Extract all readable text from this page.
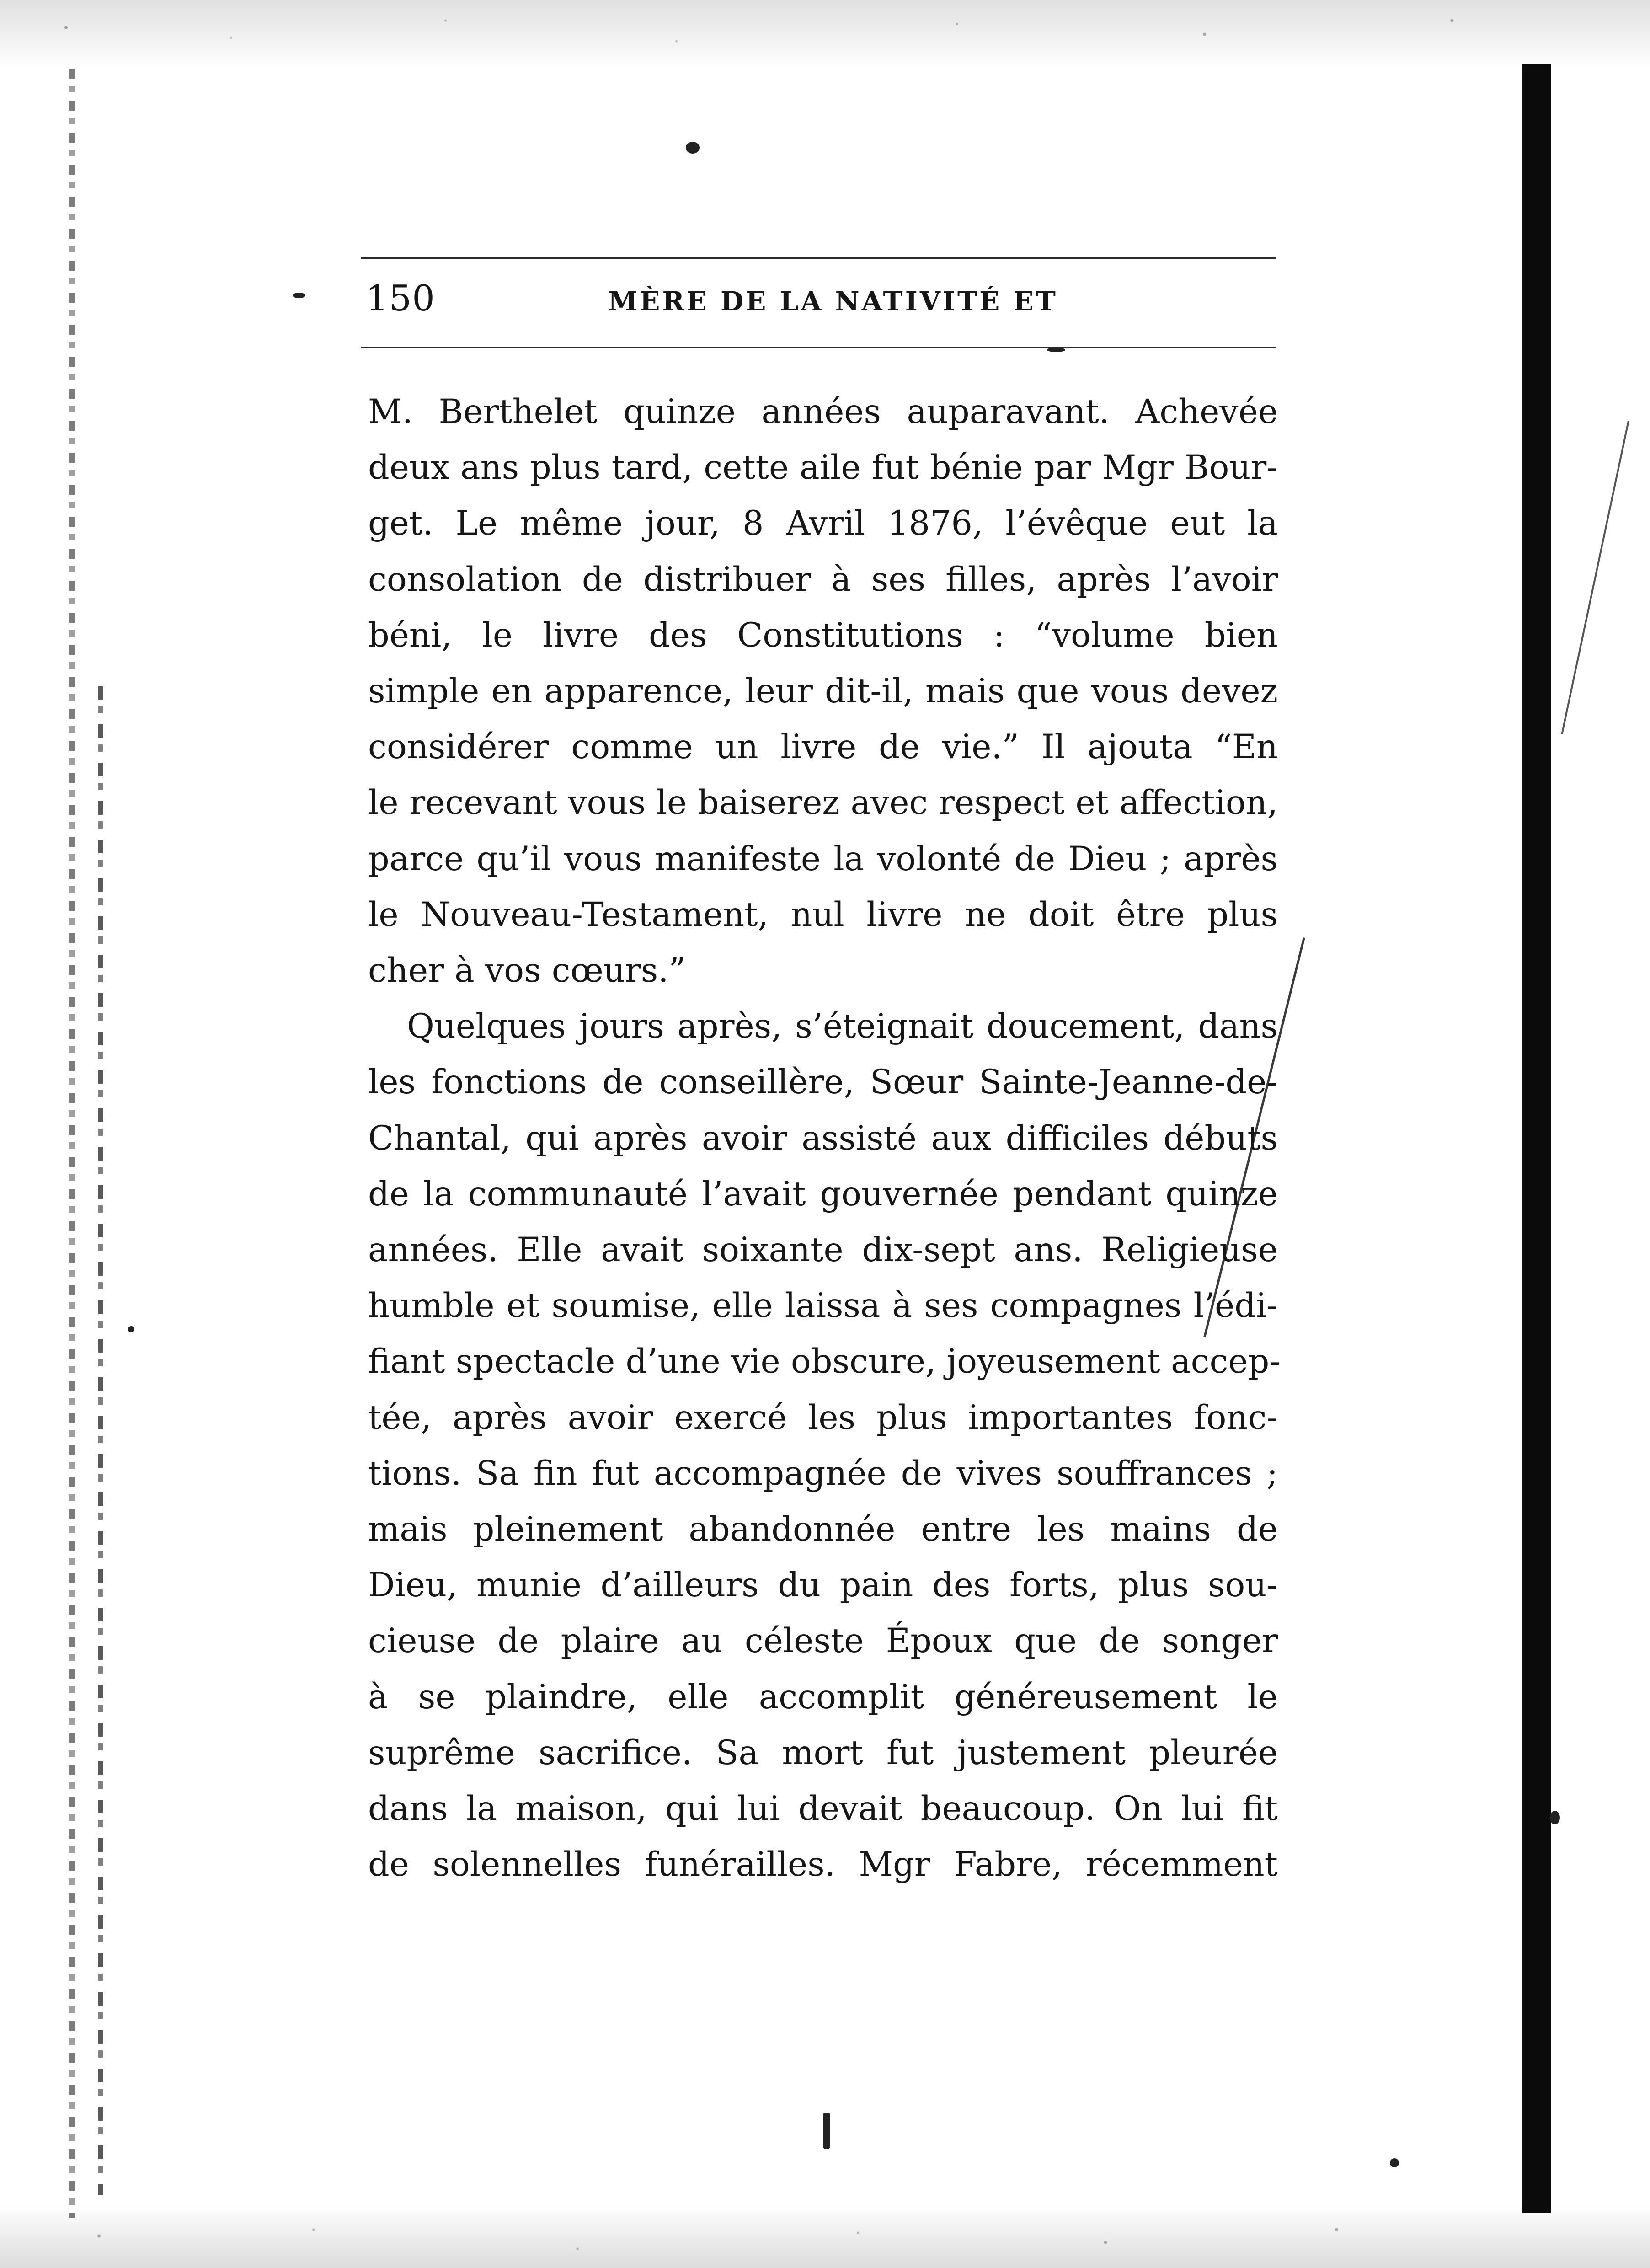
150	MÈRE DE LA NATIVITÉ ET

M. Berthelet quinze années auparavant. Achevée

deux ans plus tard, cette aile fut bénie par Mgr Bour-

get. Le même jour, 8 Avril 1876, l’évêque eut la

consolation de distribuer à ses filles, après l’avoir

béni, le livre des Constitutions : “volume bien

simple en apparence, leur dit-il, mais que vous devez

considérer comme un livre de vie.” Il ajouta “En

le recevant vous le baiserez avec respect et affection,

parce qu’il vous manifeste la volonté de Dieu ; après

le Nouveau-Testament, nul livre ne doit être plus

cher à vos cœurs.”

Quelques jours après, s’éteignait doucement, dans

les fonctions de conseillère, Sœur Sainte-Jeanne-de-

Chantal, qui après avoir assisté aux difficiles débuts

de la communauté l’avait gouvernée pendant quinze

années. Elle avait soixante dix-sept ans. Religieuse

humble et soumise, elle laissa à ses compagnes l’édi-

fiant spectacle d’une vie obscure, joyeusement accep-

tée, après avoir exercé les plus importantes fonc-

tions. Sa fin fut accompagnée de vives souffrances ;

mais pleinement abandonnée entre les mains de

Dieu, munie d’ailleurs du pain des forts, plus sou-

cieuse de plaire au céleste Époux que de songer

à se plaindre, elle accomplit généreusement le

suprême sacrifice. Sa mort fut justement pleurée

dans la maison, qui lui devait beaucoup. On lui fit

de solennelles funérailles. Mgr Fabre, récemment
